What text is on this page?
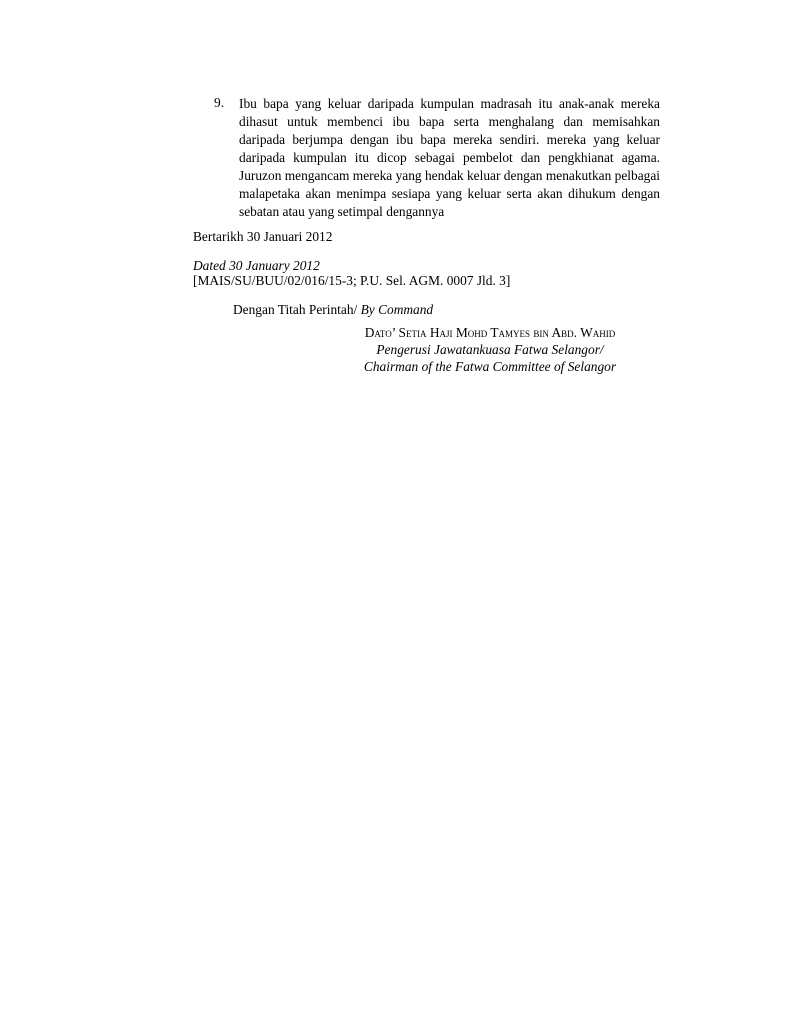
9. Ibu bapa yang keluar daripada kumpulan madrasah itu anak-anak mereka dihasut untuk membenci ibu bapa serta menghalang dan memisahkan daripada berjumpa dengan ibu bapa mereka sendiri. mereka yang keluar daripada kumpulan itu dicop sebagai pembelot dan pengkhianat agama. Juruzon mengancam mereka yang hendak keluar dengan menakutkan pelbagai malapetaka akan menimpa sesiapa yang keluar serta akan dihukum dengan sebatan atau yang setimpal dengannya
Bertarikh 30 Januari 2012
Dated 30 January 2012
[MAIS/SU/BUU/02/016/15-3; P.U. Sel. AGM. 0007 Jld. 3]
Dengan Titah Perintah/ By Command
Dato’ Setia Haji Mohd Tamyes bin Abd. Wahid
Pengerusi Jawatankuasa Fatwa Selangor/
Chairman of the Fatwa Committee of Selangor
